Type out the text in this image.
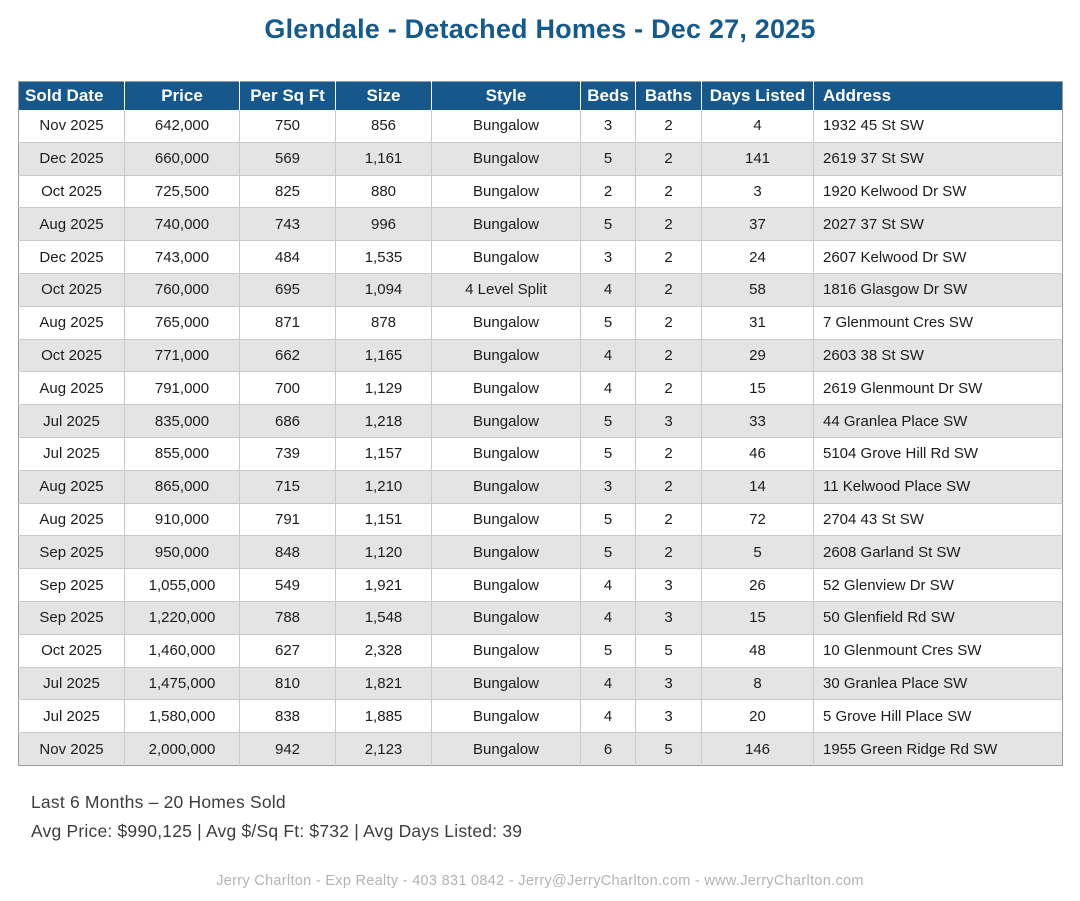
Glendale - Detached Homes - Dec 27, 2025
Sold Date	Price	Per Sq Ft	Size	Style	Beds	Baths	Days Listed	Address
Nov 2025	642,000	750	856	Bungalow	3	2	4	1932 45 St SW
Dec 2025	660,000	569	1,161	Bungalow	5	2	141	2619 37 St SW
Oct 2025	725,500	825	880	Bungalow	2	2	3	1920 Kelwood Dr SW
Aug 2025	740,000	743	996	Bungalow	5	2	37	2027 37 St SW
Dec 2025	743,000	484	1,535	Bungalow	3	2	24	2607 Kelwood Dr SW
Oct 2025	760,000	695	1,094	4 Level Split	4	2	58	1816 Glasgow Dr SW
Aug 2025	765,000	871	878	Bungalow	5	2	31	7 Glenmount Cres SW
Oct 2025	771,000	662	1,165	Bungalow	4	2	29	2603 38 St SW
Aug 2025	791,000	700	1,129	Bungalow	4	2	15	2619 Glenmount Dr SW
Jul 2025	835,000	686	1,218	Bungalow	5	3	33	44 Granlea Place SW
Jul 2025	855,000	739	1,157	Bungalow	5	2	46	5104 Grove Hill Rd SW
Aug 2025	865,000	715	1,210	Bungalow	3	2	14	11 Kelwood Place SW
Aug 2025	910,000	791	1,151	Bungalow	5	2	72	2704 43 St SW
Sep 2025	950,000	848	1,120	Bungalow	5	2	5	2608 Garland St SW
Sep 2025	1,055,000	549	1,921	Bungalow	4	3	26	52 Glenview Dr SW
Sep 2025	1,220,000	788	1,548	Bungalow	4	3	15	50 Glenfield Rd SW
Oct 2025	1,460,000	627	2,328	Bungalow	5	5	48	10 Glenmount Cres SW
Jul 2025	1,475,000	810	1,821	Bungalow	4	3	8	30 Granlea Place SW
Jul 2025	1,580,000	838	1,885	Bungalow	4	3	20	5 Grove Hill Place SW
Nov 2025	2,000,000	942	2,123	Bungalow	6	5	146	1955 Green Ridge Rd SW
Last 6 Months – 20 Homes Sold
Avg Price: $990,125 | Avg $/Sq Ft: $732 | Avg Days Listed: 39
Jerry Charlton - Exp Realty - 403 831 0842 - Jerry@JerryCharlton.com - www.JerryCharlton.com
